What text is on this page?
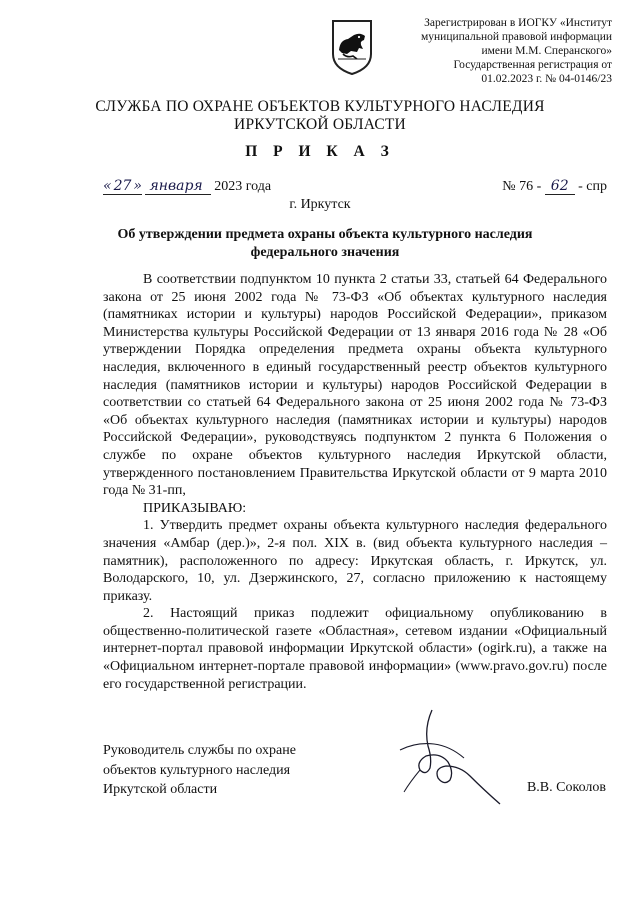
Зарегистрирован в ИОГКУ «Институт
муниципальной правовой информации
имени М.М. Сперанского»
Государственная регистрация от
01.02.2023 г. № 04-0146/23
СЛУЖБА ПО ОХРАНЕ ОБЪЕКТОВ КУЛЬТУРНОГО НАСЛЕДИЯ
ИРКУТСКОЙ ОБЛАСТИ
П Р И К А З
« 27 » января 2023 года	№ 76 - 62 - спр
г. Иркутск
Об утверждении предмета охраны объекта культурного наследия
федерального значения

В соответствии подпунктом 10 пункта 2 статьи 33, статьей 64 Федерального закона от 25 июня 2002 года № 73-ФЗ «Об объектах культурного наследия (памятниках истории и культуры) народов Российской Федерации», приказом Министерства культуры Российской Федерации от 13 января 2016 года № 28 «Об утверждении Порядка определения предмета охраны объекта культурного наследия, включенного в единый государственный реестр объектов культурного наследия (памятников истории и культуры) народов Российской Федерации в соответствии со статьей 64 Федерального закона от 25 июня 2002 года № 73-ФЗ «Об объектах культурного наследия (памятниках истории и культуры) народов Российской Федерации», руководствуясь подпунктом 2 пункта 6 Положения о службе по охране объектов культурного наследия Иркутской области, утвержденного постановлением Правительства Иркутской области от 9 марта 2010 года № 31-пп,

ПРИКАЗЫВАЮ:

1. Утвердить предмет охраны объекта культурного наследия федерального значения «Амбар (дер.)», 2-я пол. XIX в. (вид объекта культурного наследия – памятник), расположенного по адресу: Иркутская область, г. Иркутск, ул. Володарского, 10, ул. Дзержинского, 27, согласно приложению к настоящему приказу.

2. Настоящий приказ подлежит официальному опубликованию в общественно-политической газете «Областная», сетевом издании «Официальный интернет-портал правовой информации Иркутской области» (ogirk.ru), а также на «Официальном интернет-портале правовой информации» (www.pravo.gov.ru) после его государственной регистрации.

Руководитель службы по охране
объектов культурного наследия
Иркутской области	В.В. Соколов
